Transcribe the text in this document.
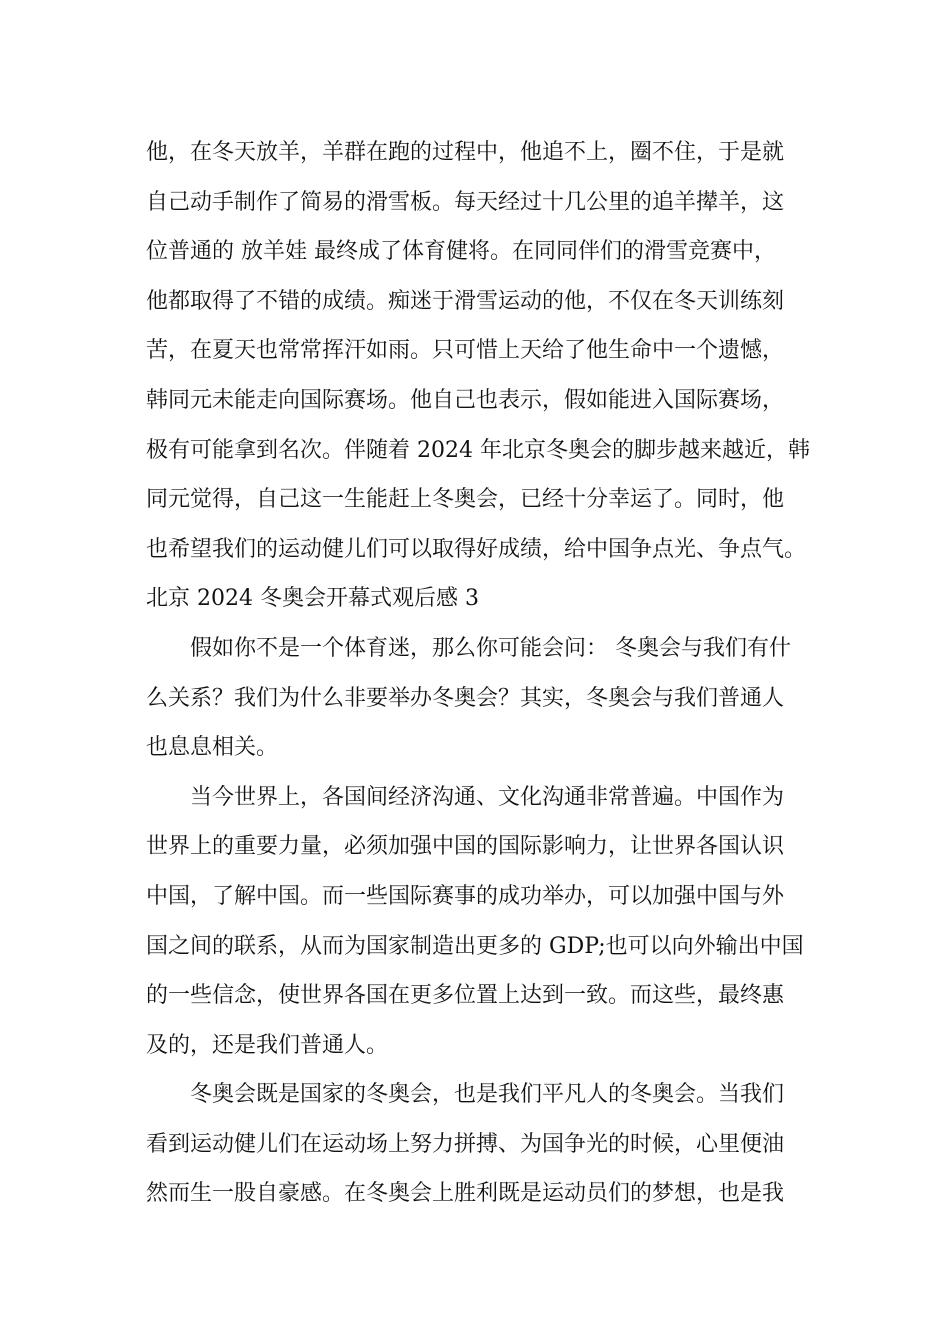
他，在冬天放羊，羊群在跑的过程中，他追不上，圈不住，于是就
自己动手制作了简易的滑雪板。每天经过十几公里的追羊撵羊，这
位普通的 放羊娃 最终成了体育健将。在同同伴们的滑雪竞赛中，
他都取得了不错的成绩。痴迷于滑雪运动的他，不仅在冬天训练刻
苦，在夏天也常常挥汗如雨。只可惜上天给了他生命中一个遗憾，
韩同元未能走向国际赛场。他自己也表示，假如能进入国际赛场，
极有可能拿到名次。伴随着 2024 年北京冬奥会的脚步越来越近，韩
同元觉得，自己这一生能赶上冬奥会，已经十分幸运了。同时，他
也希望我们的运动健儿们可以取得好成绩，给中国争点光、争点气。
北京 2024 冬奥会开幕式观后感 3
假如你不是一个体育迷，那么你可能会问： 冬奥会与我们有什
么关系？我们为什么非要举办冬奥会？其实，冬奥会与我们普通人
也息息相关。
当今世界上，各国间经济沟通、文化沟通非常普遍。中国作为
世界上的重要力量，必须加强中国的国际影响力，让世界各国认识
中国，了解中国。而一些国际赛事的成功举办，可以加强中国与外
国之间的联系，从而为国家制造出更多的 GDP;也可以向外输出中国
的一些信念，使世界各国在更多位置上达到一致。而这些，最终惠
及的，还是我们普通人。
冬奥会既是国家的冬奥会，也是我们平凡人的冬奥会。当我们
看到运动健儿们在运动场上努力拼搏、为国争光的时候，心里便油
然而生一股自豪感。在冬奥会上胜利既是运动员们的梦想，也是我
